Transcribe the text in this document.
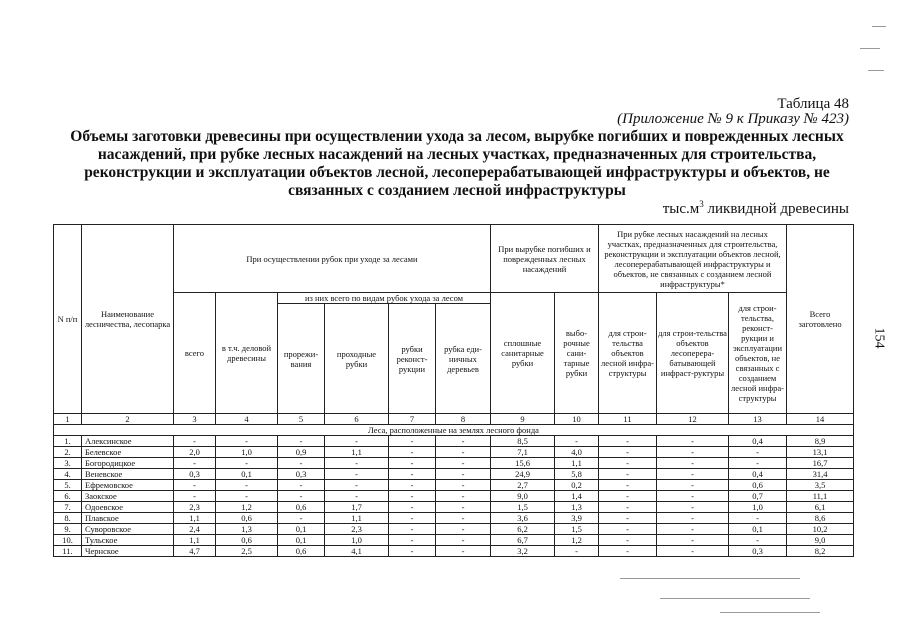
Таблица 48
(Приложение № 9 к Приказу № 423)
Объемы заготовки древесины при осуществлении ухода за лесом, вырубке погибших и поврежденных лесных насаждений, при рубке лесных насаждений на лесных участках, предназначенных для строительства, реконструкции и эксплуатации объектов лесной, лесоперерабатывающей инфраструктуры и объектов, не связанных с созданием лесной инфраструктуры
$тыс.м^3$ ликвидной древесины
N п/п	Наименование лесничества, лесопарка	При осуществлении рубок при уходе за лесами						При вырубке погибших и поврежденных лесных насаждений		При рубке лесных насаждений на лесных участках, предназначенных для строительства, реконструкции и эксплуатации объектов лесной, лесоперерабатывающей инфраструктуры и объектов, не связанных с созданием лесной инфраструктуры*			Всего заготовлено
		всего	в т.ч. деловой древесины	из них всего по видам рубок ухода за лесом				сплошные санитарные рубки	выбо-рочные сани-тарные рубки	для строи-тельства объектов лесной инфра-структуры	для строи-тельства объектов лесоперера-батывающей инфраст-руктуры	для строи-тельства, реконст-рукции и эксплуатации объектов, не связанных с созданием лесной инфра-структуры	
				прорежи-вания	проходные рубки	рубки реконст-рукции	рубка еди-ничных деревьев						
1	2	3	4	5	6	7	8	9	10	11	12	13	14
Леса, расположенные на землях лесного фонда													
1.	Алексинское	-	-	-	-	-	-	8,5	-	-	-	0,4	8,9
2.	Белевское	2,0	1,0	0,9	1,1	-	-	7,1	4,0	-	-	-	13,1
3.	Богородицкое	-	-	-	-	-	-	15,6	1,1	-	-	-	16,7
4.	Веневское	0,3	0,1	0,3	-	-	-	24,9	5,8	-	-	0,4	31,4
5.	Ефремовское	-	-	-	-	-	-	2,7	0,2	-	-	0,6	3,5
6.	Заокское	-	-	-	-	-	-	9,0	1,4	-	-	0,7	11,1
7.	Одоевское	2,3	1,2	0,6	1,7	-	-	1,5	1,3	-	-	1,0	6,1
8.	Плавское	1,1	0,6	-	1,1	-	-	3,6	3,9	-	-	-	8,6
9.	Суворовское	2,4	1,3	0,1	2,3	-	-	6,2	1,5	-	-	0,1	10,2
10.	Тульское	1,1	0,6	0,1	1,0	-	-	6,7	1,2	-	-	-	9,0
11.	Чернское	4,7	2,5	0,6	4,1	-	-	3,2	-	-	-	0,3	8,2
154
